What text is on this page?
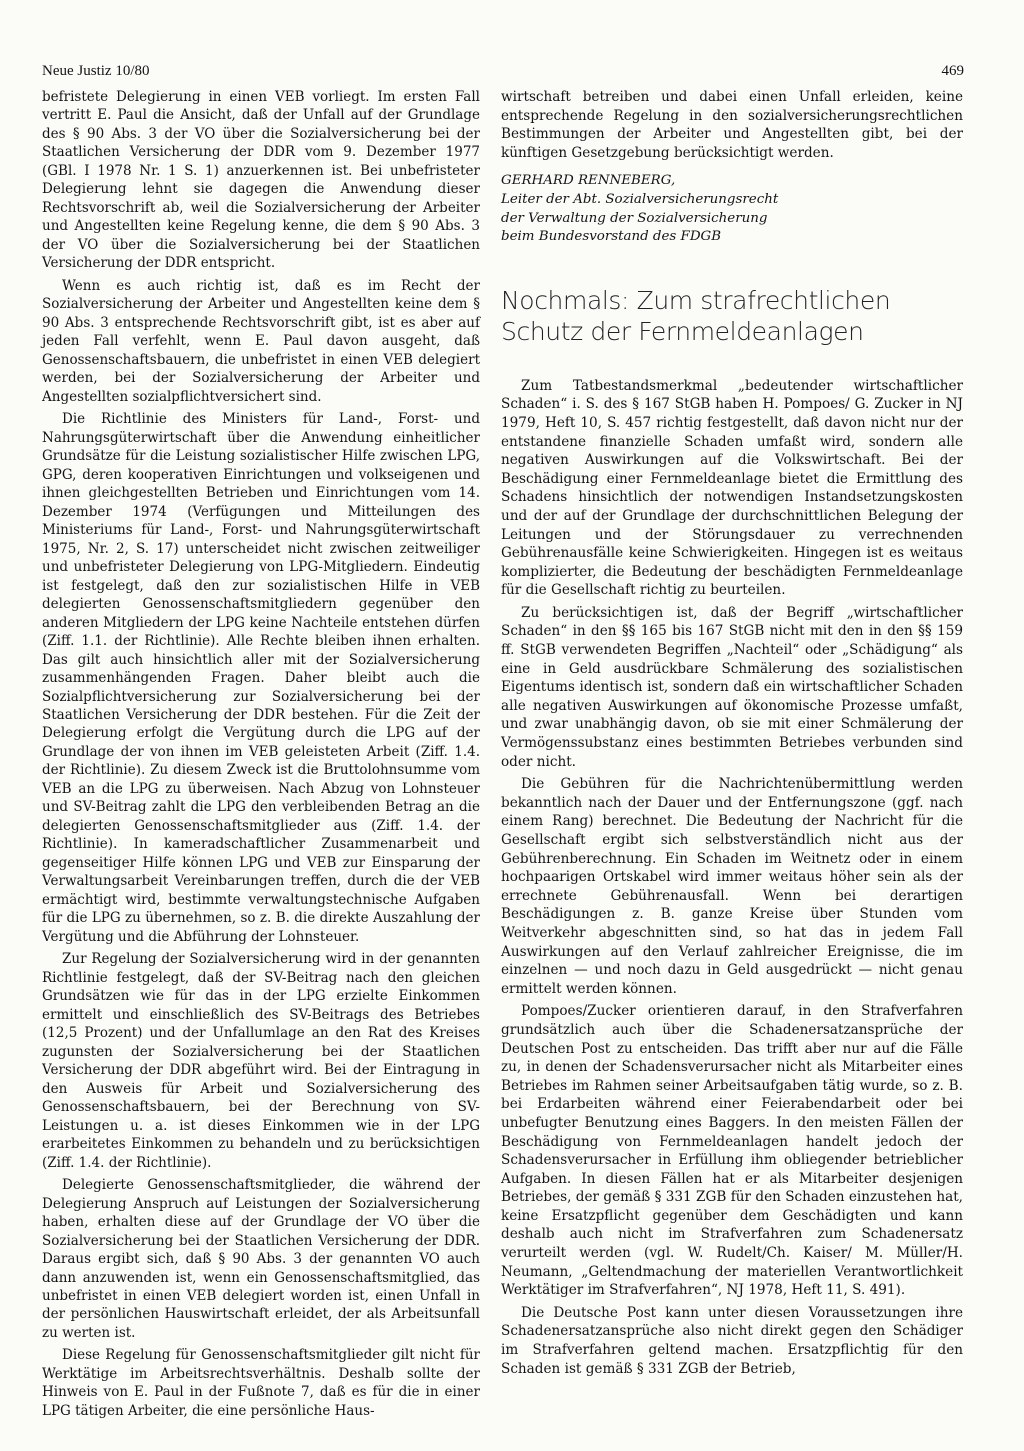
Neue Justiz 10/80	469

befristete Delegierung in einen VEB vorliegt. Im ersten Fall vertritt E. Paul die Ansicht, daß der Unfall auf der Grundlage des § 90 Abs. 3 der VO über die Sozialversicherung bei der Staatlichen Versicherung der DDR vom 9. Dezember 1977 (GBl. I 1978 Nr. 1 S. 1) anzuerkennen ist. Bei unbefristeter Delegierung lehnt sie dagegen die Anwendung dieser Rechtsvorschrift ab, weil die Sozialversicherung der Arbeiter und Angestellten keine Regelung kenne, die dem § 90 Abs. 3 der VO über die Sozialversicherung bei der Staatlichen Versicherung der DDR entspricht.

Wenn es auch richtig ist, daß es im Recht der Sozialversicherung der Arbeiter und Angestellten keine dem § 90 Abs. 3 entsprechende Rechtsvorschrift gibt, ist es aber auf jeden Fall verfehlt, wenn E. Paul davon ausgeht, daß Genossenschaftsbauern, die unbefristet in einen VEB delegiert werden, bei der Sozialversicherung der Arbeiter und Angestellten sozialpflichtversichert sind.

Die Richtlinie des Ministers für Land-, Forst- und Nahrungsgüterwirtschaft über die Anwendung einheitlicher Grundsätze für die Leistung sozialistischer Hilfe zwischen LPG, GPG, deren kooperativen Einrichtungen und volkseigenen und ihnen gleichgestellten Betrieben und Einrichtungen vom 14. Dezember 1974 (Verfügungen und Mitteilungen des Ministeriums für Land-, Forst- und Nahrungsgüterwirtschaft 1975, Nr. 2, S. 17) unterscheidet nicht zwischen zeitweiliger und unbefristeter Delegierung von LPG-Mitgliedern. Eindeutig ist festgelegt, daß den zur sozialistischen Hilfe in VEB delegierten Genossenschaftsmitgliedern gegenüber den anderen Mitgliedern der LPG keine Nachteile entstehen dürfen (Ziff. 1.1. der Richtlinie). Alle Rechte bleiben ihnen erhalten. Das gilt auch hinsichtlich aller mit der Sozialversicherung zusammenhängenden Fragen. Daher bleibt auch die Sozialpflichtversicherung zur Sozialversicherung bei der Staatlichen Versicherung der DDR bestehen. Für die Zeit der Delegierung erfolgt die Vergütung durch die LPG auf der Grundlage der von ihnen im VEB geleisteten Arbeit (Ziff. 1.4. der Richtlinie). Zu diesem Zweck ist die Bruttolohnsumme vom VEB an die LPG zu überweisen. Nach Abzug von Lohnsteuer und SV-Beitrag zahlt die LPG den verbleibenden Betrag an die delegierten Genossenschaftsmitglieder aus (Ziff. 1.4. der Richtlinie). In kameradschaftlicher Zusammenarbeit und gegenseitiger Hilfe können LPG und VEB zur Einsparung der Verwaltungsarbeit Vereinbarungen treffen, durch die der VEB ermächtigt wird, bestimmte verwaltungstechnische Aufgaben für die LPG zu übernehmen, so z. B. die direkte Auszahlung der Vergütung und die Abführung der Lohnsteuer.

Zur Regelung der Sozialversicherung wird in der genannten Richtlinie festgelegt, daß der SV-Beitrag nach den gleichen Grundsätzen wie für das in der LPG erzielte Einkommen ermittelt und einschließlich des SV-Beitrags des Betriebes (12,5 Prozent) und der Unfallumlage an den Rat des Kreises zugunsten der Sozialversicherung bei der Staatlichen Versicherung der DDR abgeführt wird. Bei der Eintragung in den Ausweis für Arbeit und Sozialversicherung des Genossenschaftsbauern, bei der Berechnung von SV-Leistungen u. a. ist dieses Einkommen wie in der LPG erarbeitetes Einkommen zu behandeln und zu berücksichtigen (Ziff. 1.4. der Richtlinie).

Delegierte Genossenschaftsmitglieder, die während der Delegierung Anspruch auf Leistungen der Sozialversicherung haben, erhalten diese auf der Grundlage der VO über die Sozialversicherung bei der Staatlichen Versicherung der DDR. Daraus ergibt sich, daß § 90 Abs. 3 der genannten VO auch dann anzuwenden ist, wenn ein Genossenschaftsmitglied, das unbefristet in einen VEB delegiert worden ist, einen Unfall in der persönlichen Hauswirtschaft erleidet, der als Arbeitsunfall zu werten ist.

Diese Regelung für Genossenschaftsmitglieder gilt nicht für Werktätige im Arbeitsrechtsverhältnis. Deshalb sollte der Hinweis von E. Paul in der Fußnote 7, daß es für die in einer LPG tätigen Arbeiter, die eine persönliche Haus-

wirtschaft betreiben und dabei einen Unfall erleiden, keine entsprechende Regelung in den sozialversicherungsrechtlichen Bestimmungen der Arbeiter und Angestellten gibt, bei der künftigen Gesetzgebung berücksichtigt werden.

GERHARD RENNEBERG,
Leiter der Abt. Sozialversicherungsrecht
der Verwaltung der Sozialversicherung
beim Bundesvorstand des FDGB
Nochmals: Zum strafrechtlichen Schutz der Fernmeldeanlagen

Zum Tatbestandsmerkmal „bedeutender wirtschaftlicher Schaden“ i. S. des § 167 StGB haben H. Pompoes/ G. Zucker in NJ 1979, Heft 10, S. 457 richtig festgestellt, daß davon nicht nur der entstandene finanzielle Schaden umfaßt wird, sondern alle negativen Auswirkungen auf die Volkswirtschaft. Bei der Beschädigung einer Fernmeldeanlage bietet die Ermittlung des Schadens hinsichtlich der notwendigen Instandsetzungskosten und der auf der Grundlage der durchschnittlichen Belegung der Leitungen und der Störungsdauer zu verrechnenden Gebührenausfälle keine Schwierigkeiten. Hingegen ist es weitaus komplizierter, die Bedeutung der beschädigten Fernmeldeanlage für die Gesellschaft richtig zu beurteilen.

Zu berücksichtigen ist, daß der Begriff „wirtschaftlicher Schaden“ in den §§ 165 bis 167 StGB nicht mit den in den §§ 159 ff. StGB verwendeten Begriffen „Nachteil“ oder „Schädigung“ als eine in Geld ausdrückbare Schmälerung des sozialistischen Eigentums identisch ist, sondern daß ein wirtschaftlicher Schaden alle negativen Auswirkungen auf ökonomische Prozesse umfaßt, und zwar unabhängig davon, ob sie mit einer Schmälerung der Vermögenssubstanz eines bestimmten Betriebes verbunden sind oder nicht.

Die Gebühren für die Nachrichtenübermittlung werden bekanntlich nach der Dauer und der Entfernungszone (ggf. nach einem Rang) berechnet. Die Bedeutung der Nachricht für die Gesellschaft ergibt sich selbstverständlich nicht aus der Gebührenberechnung. Ein Schaden im Weitnetz oder in einem hochpaarigen Ortskabel wird immer weitaus höher sein als der errechnete Gebührenausfall. Wenn bei derartigen Beschädigungen z. B. ganze Kreise über Stunden vom Weitverkehr abgeschnitten sind, so hat das in jedem Fall Auswirkungen auf den Verlauf zahlreicher Ereignisse, die im einzelnen — und noch dazu in Geld ausgedrückt — nicht genau ermittelt werden können.

Pompoes/Zucker orientieren darauf, in den Strafverfahren grundsätzlich auch über die Schadenersatzansprüche der Deutschen Post zu entscheiden. Das trifft aber nur auf die Fälle zu, in denen der Schadensverursacher nicht als Mitarbeiter eines Betriebes im Rahmen seiner Arbeitsaufgaben tätig wurde, so z. B. bei Erdarbeiten während einer Feierabendarbeit oder bei unbefugter Benutzung eines Baggers. In den meisten Fällen der Beschädigung von Fernmeldeanlagen handelt jedoch der Schadensverursacher in Erfüllung ihm obliegender betrieblicher Aufgaben. In diesen Fällen hat er als Mitarbeiter desjenigen Betriebes, der gemäß § 331 ZGB für den Schaden einzustehen hat, keine Ersatzpflicht gegenüber dem Geschädigten und kann deshalb auch nicht im Strafverfahren zum Schadenersatz verurteilt werden (vgl. W. Rudelt/Ch. Kaiser/ M. Müller/H. Neumann, „Geltendmachung der materiellen Verantwortlichkeit Werktätiger im Strafverfahren“, NJ 1978, Heft 11, S. 491).

Die Deutsche Post kann unter diesen Voraussetzungen ihre Schadenersatzansprüche also nicht direkt gegen den Schädiger im Strafverfahren geltend machen. Ersatzpflichtig für den Schaden ist gemäß § 331 ZGB der Betrieb,
